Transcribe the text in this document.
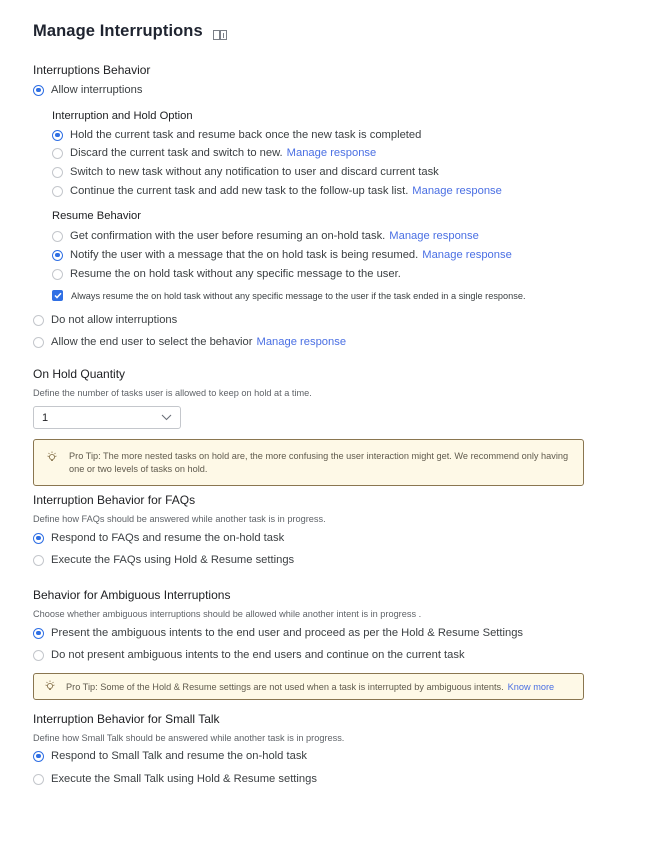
Manage Interruptions
Interruptions Behavior
Allow interruptions
Interruption and Hold Option
Hold the current task and resume back once the new task is completed
Discard the current task and switch to new. Manage response
Switch to new task without any notification to user and discard current task
Continue the current task and add new task to the follow-up task list. Manage response
Resume Behavior
Get confirmation with the user before resuming an on-hold task. Manage response
Notify the user with a message that the on hold task is being resumed. Manage response
Resume the on hold task without any specific message to the user.
Always resume the on hold task without any specific message to the user if the task ended in a single response.
Do not allow interruptions
Allow the end user to select the behavior Manage response
On Hold Quantity
Define the number of tasks user is allowed to keep on hold at a time.
1
Pro Tip: The more nested tasks on hold are, the more confusing the user interaction might get. We recommend only having one or two levels of tasks on hold.
Interruption Behavior for FAQs
Define how FAQs should be answered while another task is in progress.
Respond to FAQs and resume the on-hold task
Execute the FAQs using Hold & Resume settings
Behavior for Ambiguous Interruptions
Choose whether ambiguous interruptions should be allowed while another intent is in progress .
Present the ambiguous intents to the end user and proceed as per the Hold & Resume Settings
Do not present ambiguous intents to the end users and continue on the current task
Pro Tip: Some of the Hold & Resume settings are not used when a task is interrupted by ambiguous intents. Know more
Interruption Behavior for Small Talk
Define how Small Talk should be answered while another task is in progress.
Respond to Small Talk and resume the on-hold task
Execute the Small Talk using Hold & Resume settings
